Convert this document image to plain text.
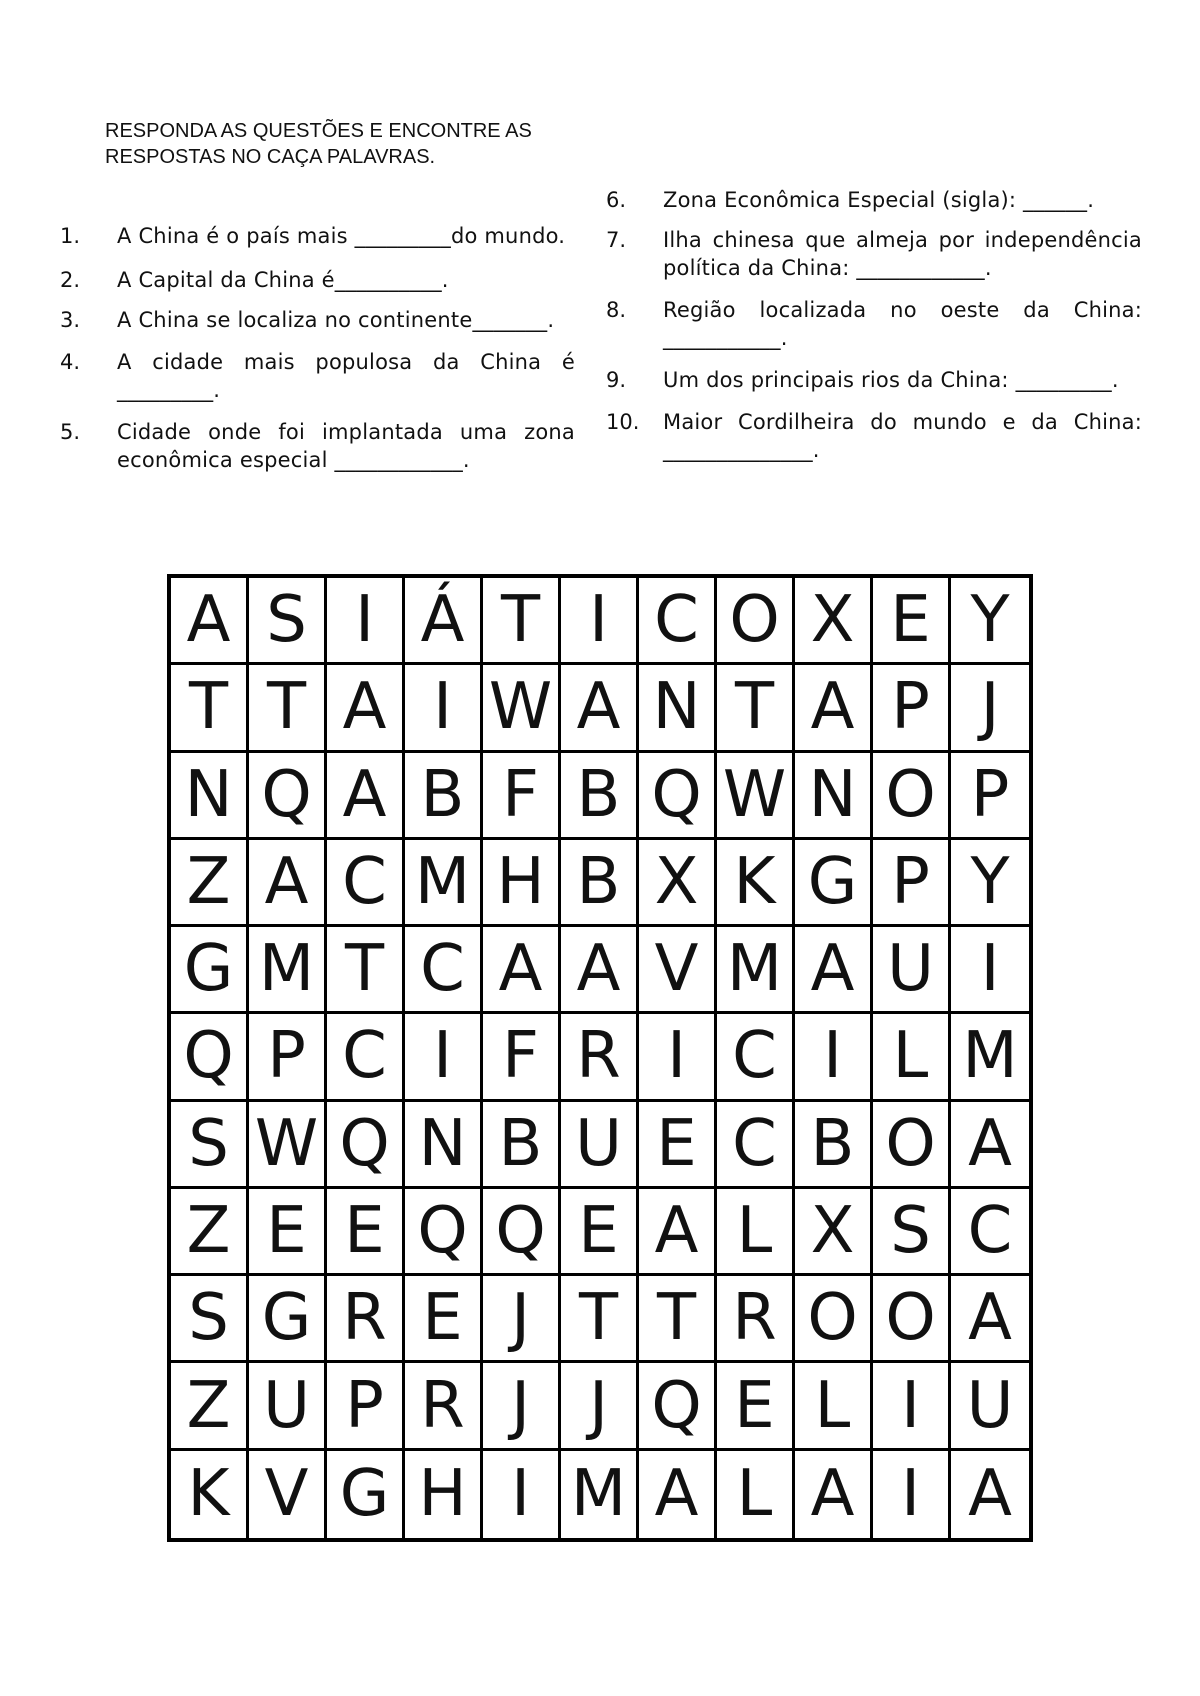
RESPONDA AS QUESTÕES E ENCONTRE AS
RESPOSTAS NO CAÇA PALAVRAS.
1.	A China é o país mais _________do mundo.
2.	A Capital da China é__________.
3.	A China se localiza no continente_______.
4.	A cidade mais populosa da China é _________.
5.	Cidade onde foi implantada uma zona econômica especial ____________.
6.	Zona Econômica Especial (sigla): ______.
7.	Ilha chinesa que almeja por independência política da China: ____________.
8.	Região localizada no oeste da China: ___________.
9.	Um dos principais rios da China: _________.
10.	Maior Cordilheira do mundo e da China: ______________.
A S I Á T I C O X E Y
T T A I W A N T A P J
N Q A B F B Q W N O P
Z A C M H B X K G P Y
G M T C A A V M A U I
Q P C I F R I C I L M
S W Q N B U E C B O A
Z E E Q Q E A L X S C
S G R E J T T R O O A
Z U P R J J Q E L I U
K V G H I M A L A I A
